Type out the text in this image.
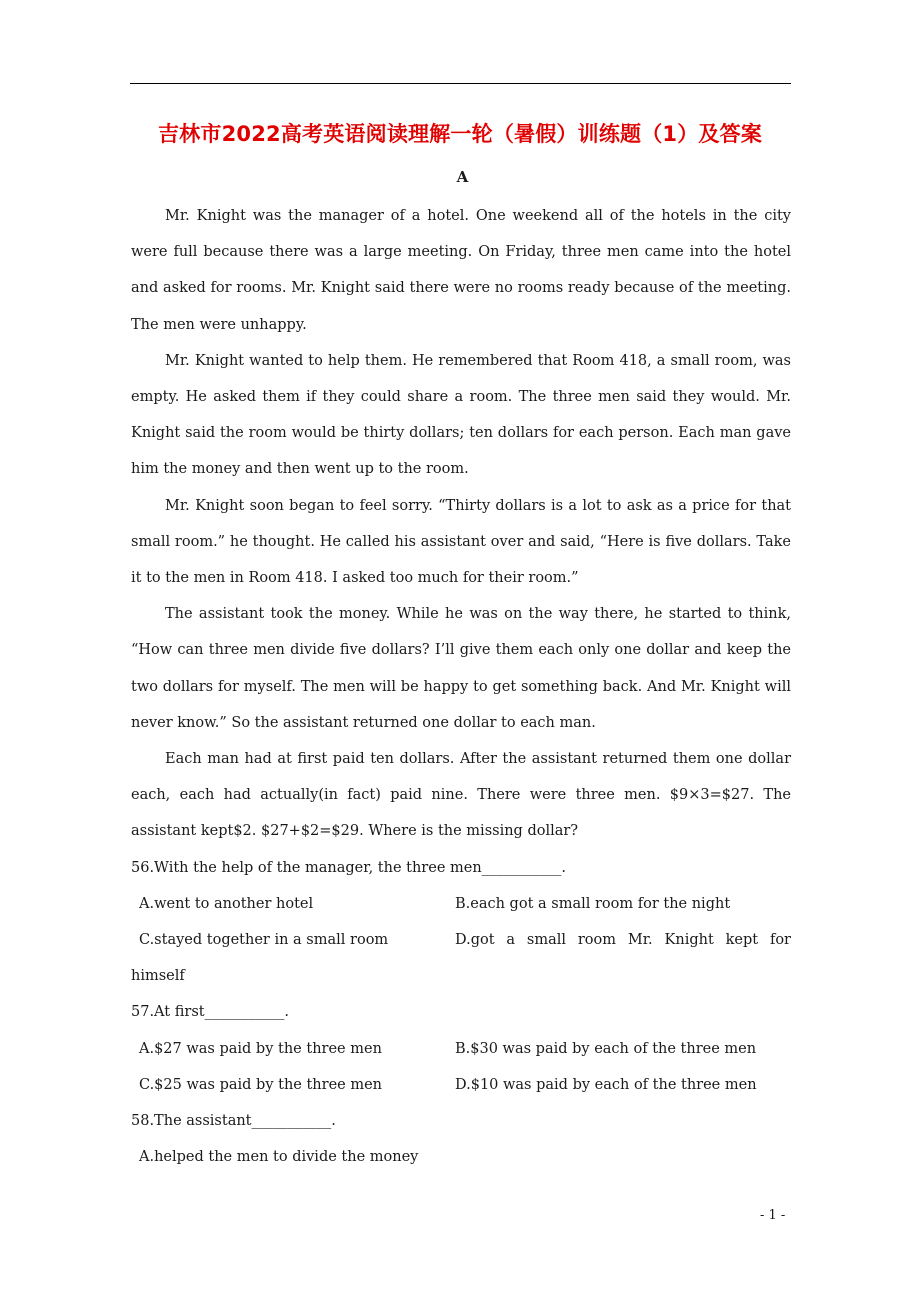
吉林市2022高考英语阅读理解一轮（暑假）训练题（1）及答案
A

Mr. Knight was the manager of a hotel. One weekend all of the hotels in the city were full because there was a large meeting. On Friday, three men came into the hotel and asked for rooms. Mr. Knight said there were no rooms ready because of the meeting. The men were unhappy.

Mr. Knight wanted to help them. He remembered that Room 418, a small room, was empty. He asked them if they could share a room. The three men said they would. Mr. Knight said the room would be thirty dollars; ten dollars for each person. Each man gave him the money and then went up to the room.

Mr. Knight soon began to feel sorry. “Thirty dollars is a lot to ask as a price for that small room.” he thought. He called his assistant over and said, “Here is five dollars. Take it to the men in Room 418. I asked too much for their room.”

The assistant took the money. While he was on the way there, he started to think, “How can three men divide five dollars? I’ll give them each only one dollar and keep the two dollars for myself. The men will be happy to get something back. And Mr. Knight will never know.” So the assistant returned one dollar to each man.

Each man had at first paid ten dollars. After the assistant returned them one dollar each, each had actually(in fact) paid nine. There were three men. $9×3=$27. The assistant kept$2. $27+$2=$29. Where is the missing dollar?

56.With the help of the manager, the three men___________.

A.went to another hotel	B.each got a small room for the night
C.stayed together in a small room	D.got a small room Mr. Knight kept for

himself

57.At first___________.

A.$27 was paid by the three men	B.$30 was paid by each of the three men
C.$25 was paid by the three men	D.$10 was paid by each of the three men

58.The assistant___________.

A.helped the men to divide the money

- 1 -
